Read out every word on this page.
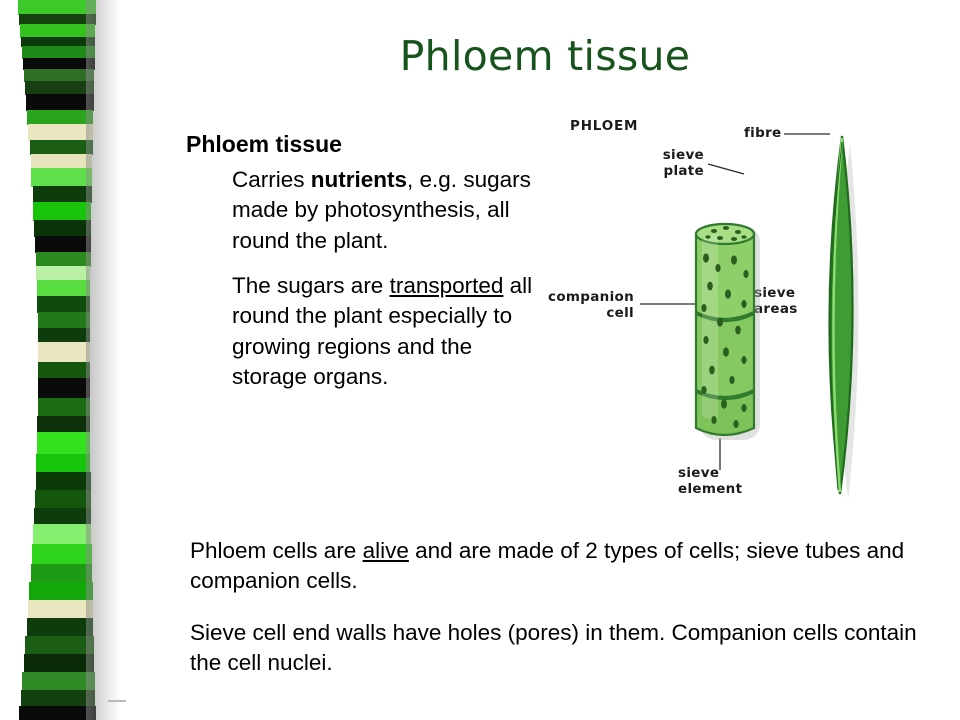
Phloem tissue
Phloem tissue
Carries nutrients, e.g. sugars made by photosynthesis, all round the plant.
The sugars are transported all round the plant especially to growing regions and the storage organs.
PHLOEM	fibre
sieve
plate
companion
cell
sieve
areas
sieve
element
Phloem cells are alive and are made of 2 types of cells; sieve tubes and companion cells.
Sieve cell end walls have holes (pores) in them. Companion cells contain the cell nuclei.
